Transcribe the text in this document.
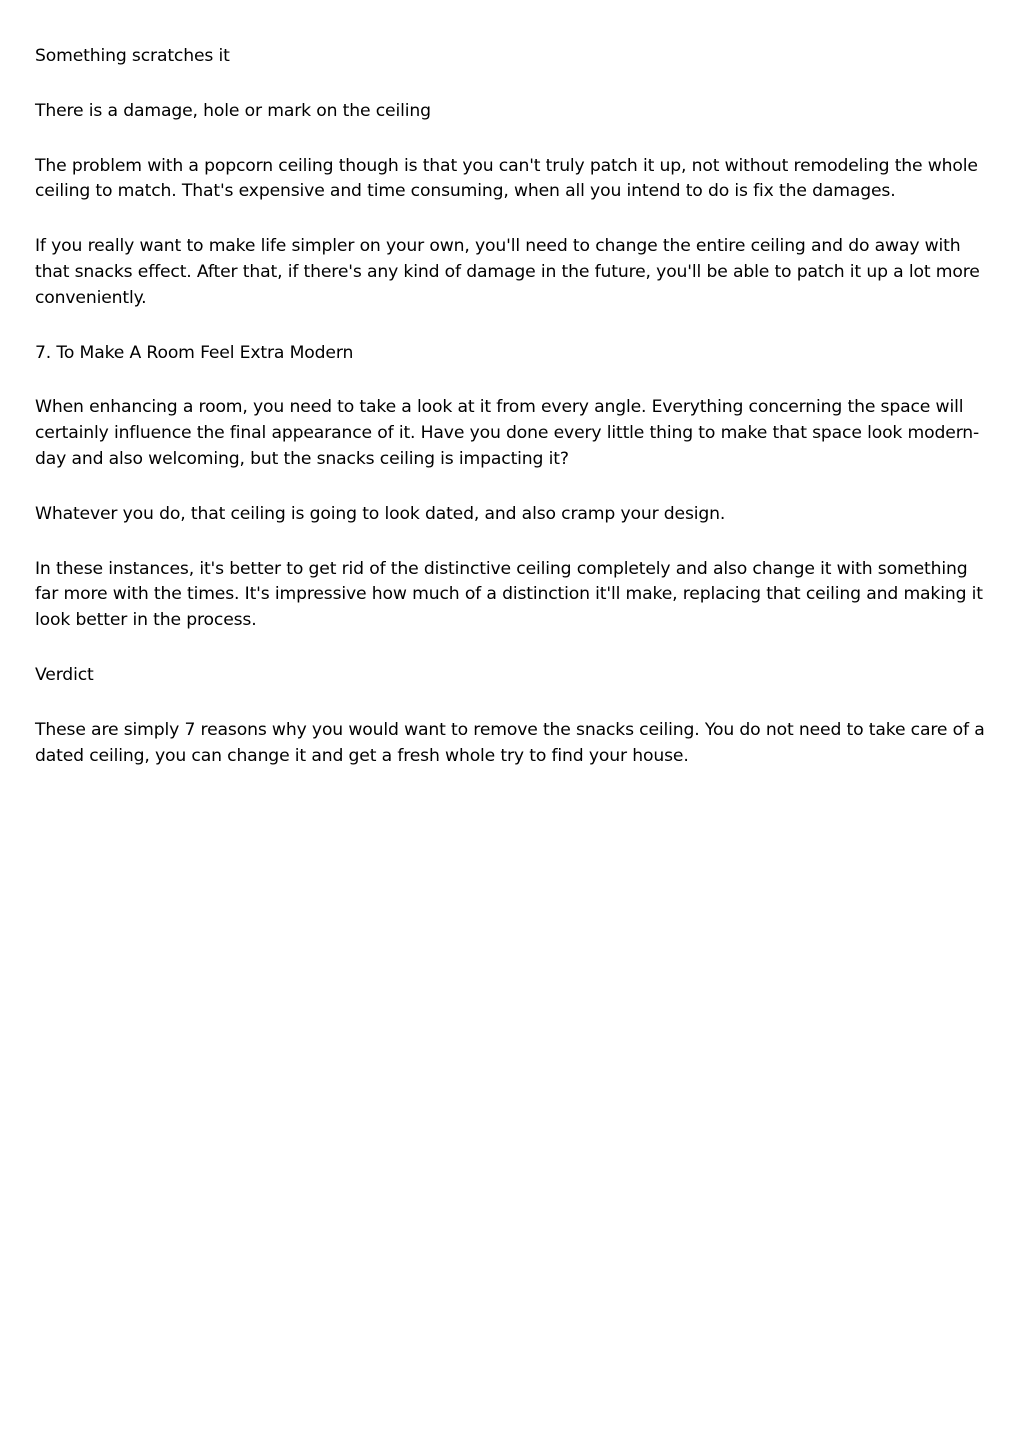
Something scratches it

There is a damage, hole or mark on the ceiling

The problem with a popcorn ceiling though is that you can't truly patch it up, not without remodeling the whole ceiling to match. That's expensive and time consuming, when all you intend to do is fix the damages.

If you really want to make life simpler on your own, you'll need to change the entire ceiling and do away with that snacks effect. After that, if there's any kind of damage in the future, you'll be able to patch it up a lot more conveniently.

7. To Make A Room Feel Extra Modern

When enhancing a room, you need to take a look at it from every angle. Everything concerning the space will certainly influence the final appearance of it. Have you done every little thing to make that space look modern-day and also welcoming, but the snacks ceiling is impacting it?

Whatever you do, that ceiling is going to look dated, and also cramp your design.

In these instances, it's better to get rid of the distinctive ceiling completely and also change it with something far more with the times. It's impressive how much of a distinction it'll make, replacing that ceiling and making it look better in the process.

Verdict

These are simply 7 reasons why you would want to remove the snacks ceiling. You do not need to take care of a dated ceiling, you can change it and get a fresh whole try to find your house.
